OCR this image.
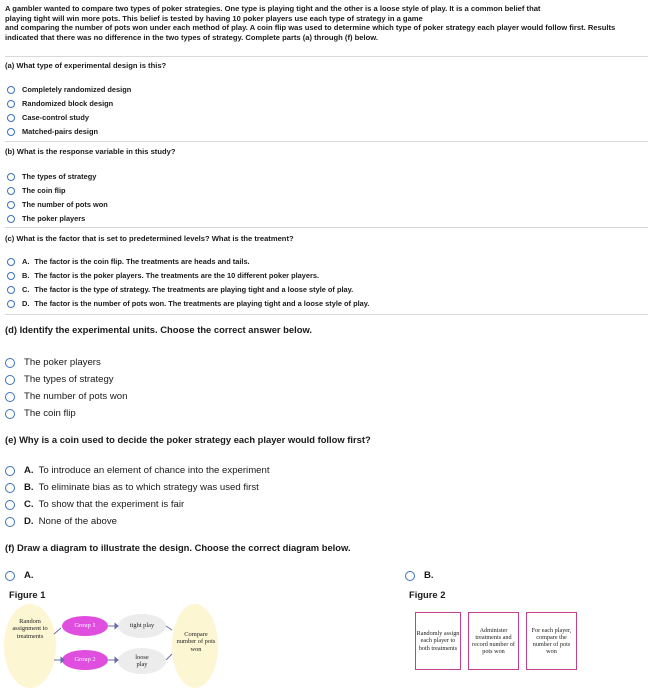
A gambler wanted to compare two types of poker strategies. One type is playing tight and the other is a loose style of play. It is a common belief that
playing tight will win more pots. This belief is tested by having 10 poker players use each type of strategy in a game
and comparing the number of pots won under each method of play. A coin flip was used to determine which type of poker strategy each player would follow first. Results
indicated that there was no difference in the two types of strategy. Complete parts (a) through (f) below.
(a) What type of experimental design is this?
Completely randomized design
Randomized block design
Case-control study
Matched-pairs design
(b) What is the response variable in this study?
The types of strategy
The coin flip
The number of pots won
The poker players
(c) What is the factor that is set to predetermined levels? What is the treatment?
A. The factor is the coin flip. The treatments are heads and tails.
B. The factor is the poker players. The treatments are the 10 different poker players.
C. The factor is the type of strategy. The treatments are playing tight and a loose style of play.
D. The factor is the number of pots won. The treatments are playing tight and a loose style of play.
(d) Identify the experimental units. Choose the correct answer below.
The poker players
The types of strategy
The number of pots won
The coin flip
(e) Why is a coin used to decide the poker strategy each player would follow first?
A. To introduce an element of chance into the experiment
B. To eliminate bias as to which strategy was used first
C. To show that the experiment is fair
D. None of the above
(f) Draw a diagram to illustrate the design. Choose the correct diagram below.
A.
Figure 1
B.
Figure 2
Random assignment to treatments	Compare number of pots won
Group 1
Group 2
tight play
loose play
Randomly assign each player to both treatments
Administer treatments and record number of pots won
For each player, compare the number of pots won
